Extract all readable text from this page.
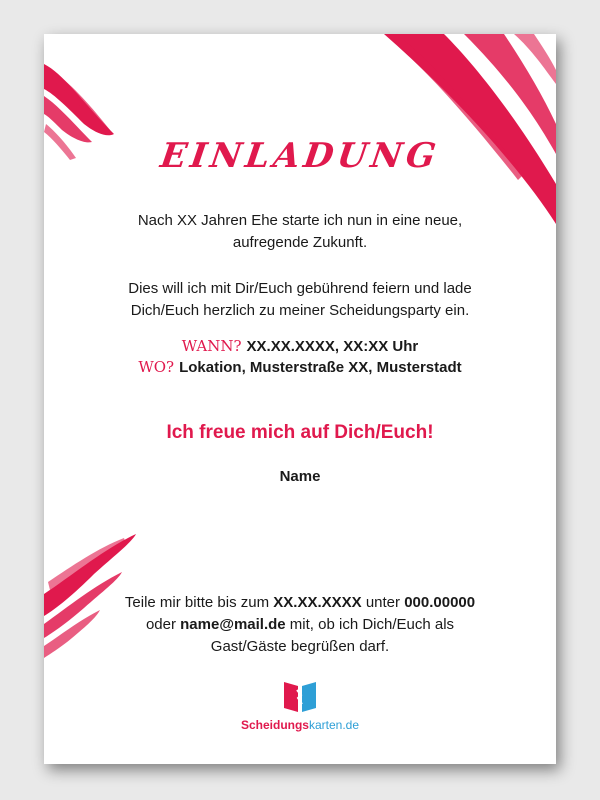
EINLADUNG

Nach XX Jahren Ehe starte ich nun in eine neue,
aufregende Zukunft.

Dies will ich mit Dir/Euch gebührend feiern und lade
Dich/Euch herzlich zu meiner Scheidungsparty ein.

WANN? XX.XX.XXXX, XX:XX Uhr
WO? Lokation, Musterstraße XX, Musterstadt
Ich freue mich auf Dich/Euch!
Name

Teile mir bitte bis zum XX.XX.XXXX unter 000.00000
oder name@mail.de mit, ob ich Dich/Euch als
Gast/Gäste begrüßen darf.

Scheidungskarten.de
